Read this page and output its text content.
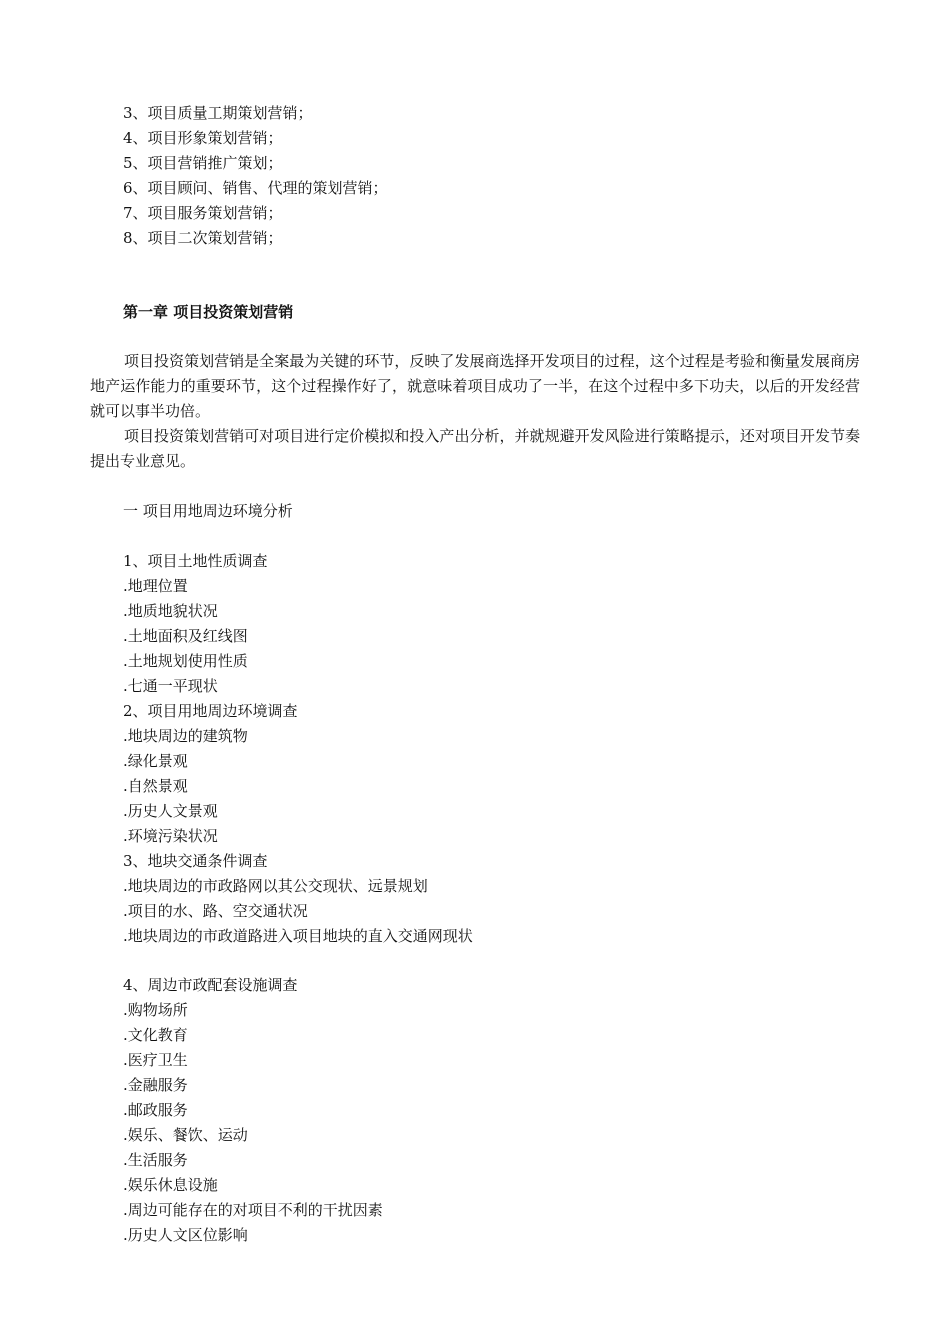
3、项目质量工期策划营销；
4、项目形象策划营销；
5、项目营销推广策划；
6、项目顾问、销售、代理的策划营销；
7、项目服务策划营销；
8、项目二次策划营销；
第一章 项目投资策划营销
项目投资策划营销是全案最为关键的环节，反映了发展商选择开发项目的过程，这个过程是考验和衡量发展商房地产运作能力的重要环节，这个过程操作好了，就意味着项目成功了一半，在这个过程中多下功夫，以后的开发经营就可以事半功倍。
项目投资策划营销可对项目进行定价模拟和投入产出分析，并就规避开发风险进行策略提示，还对项目开发节奏提出专业意见。
一 项目用地周边环境分析
1、项目土地性质调查
.地理位置
.地质地貌状况
.土地面积及红线图
.土地规划使用性质
.七通一平现状
2、项目用地周边环境调查
.地块周边的建筑物
.绿化景观
.自然景观
.历史人文景观
.环境污染状况
3、地块交通条件调查
.地块周边的市政路网以其公交现状、远景规划
.项目的水、路、空交通状况
.地块周边的市政道路进入项目地块的直入交通网现状
4、周边市政配套设施调查
.购物场所
.文化教育
.医疗卫生
.金融服务
.邮政服务
.娱乐、餐饮、运动
.生活服务
.娱乐休息设施
.周边可能存在的对项目不利的干扰因素
.历史人文区位影响
